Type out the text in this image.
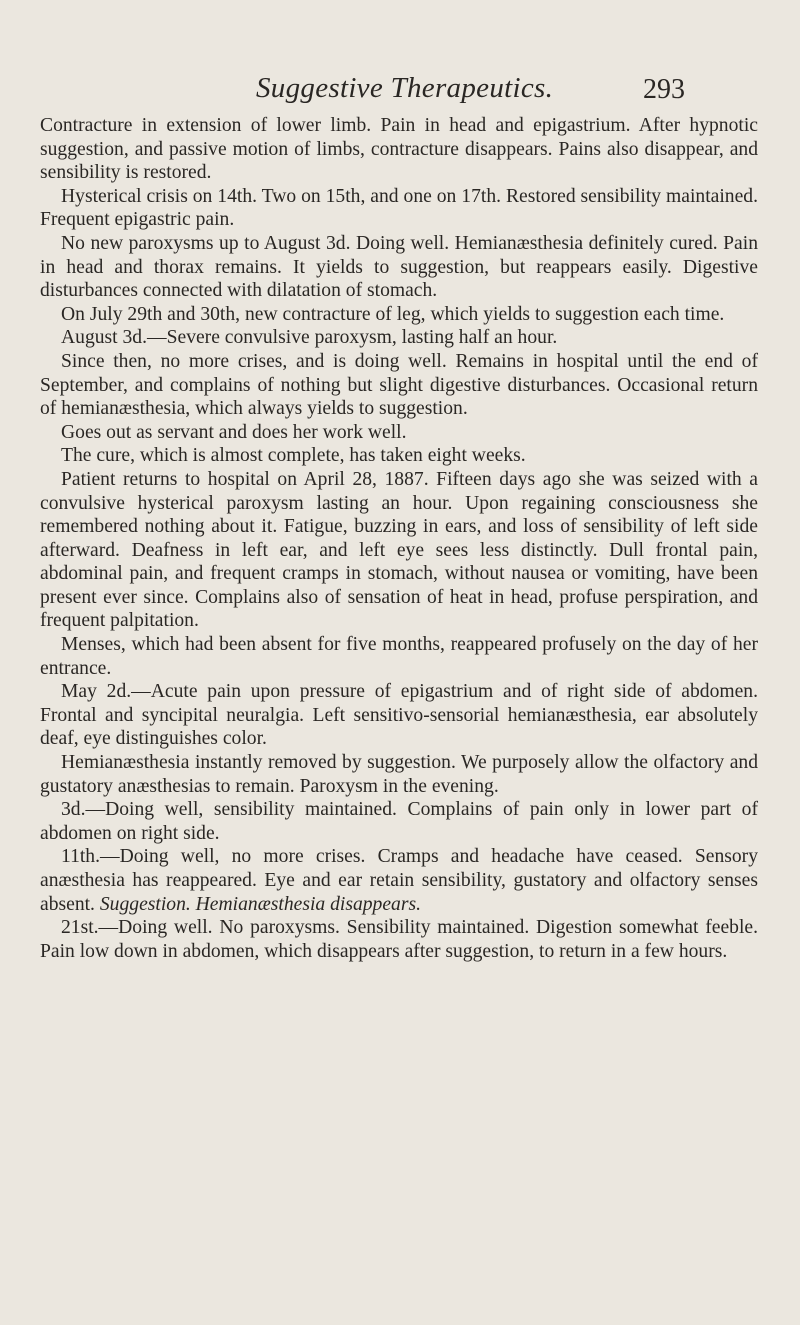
Suggestive Therapeutics.	293

Contracture in extension of lower limb. Pain in head and epigastrium. After hypnotic suggestion, and passive motion of limbs, contracture disappears. Pains also disappear, and sensibility is restored.

Hysterical crisis on 14th. Two on 15th, and one on 17th. Restored sensibility maintained. Frequent epigastric pain.

No new paroxysms up to August 3d. Doing well. Hemianæsthesia definitely cured. Pain in head and thorax remains. It yields to suggestion, but reappears easily. Digestive disturbances connected with dilatation of stomach.

On July 29th and 30th, new contracture of leg, which yields to suggestion each time.

August 3d.—Severe convulsive paroxysm, lasting half an hour.

Since then, no more crises, and is doing well. Remains in hospital until the end of September, and complains of nothing but slight digestive disturbances. Occasional return of hemianæsthesia, which always yields to suggestion.

Goes out as servant and does her work well.

The cure, which is almost complete, has taken eight weeks.

Patient returns to hospital on April 28, 1887. Fifteen days ago she was seized with a convulsive hysterical paroxysm lasting an hour. Upon regaining consciousness she remembered nothing about it. Fatigue, buzzing in ears, and loss of sensibility of left side afterward. Deafness in left ear, and left eye sees less distinctly. Dull frontal pain, abdominal pain, and frequent cramps in stomach, without nausea or vomiting, have been present ever since. Complains also of sensation of heat in head, profuse perspiration, and frequent palpitation.

Menses, which had been absent for five months, reappeared profusely on the day of her entrance.

May 2d.—Acute pain upon pressure of epigastrium and of right side of abdomen. Frontal and syncipital neuralgia. Left sensitivo-sensorial hemianæsthesia, ear absolutely deaf, eye distinguishes color.

Hemianæsthesia instantly removed by suggestion. We purposely allow the olfactory and gustatory anæsthesias to remain. Paroxysm in the evening.

3d.—Doing well, sensibility maintained. Complains of pain only in lower part of abdomen on right side.

11th.—Doing well, no more crises. Cramps and headache have ceased. Sensory anæsthesia has reappeared. Eye and ear retain sensibility, gustatory and olfactory senses absent. Suggestion. Hemianæsthesia disappears.

21st.—Doing well. No paroxysms. Sensibility maintained. Digestion somewhat feeble. Pain low down in abdomen, which disappears after suggestion, to return in a few hours.
